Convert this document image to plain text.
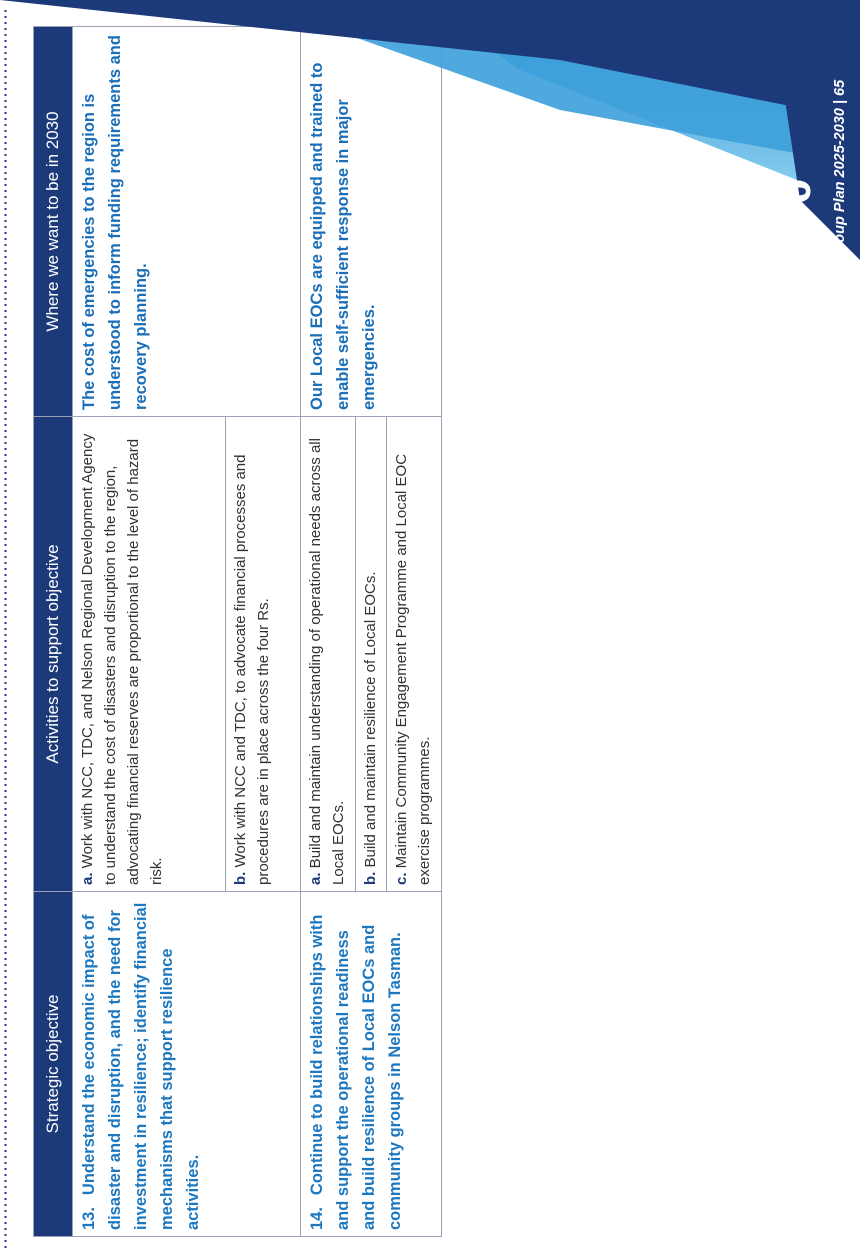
Strategic objective	Activities to support objective	Where we want to be in 2030
13.Understand the economic impact of disaster and disruption, and the need for investment in resilience; identify financial mechanisms that support resilience activities.	a. Work with NCC, TDC, and Nelson Regional Development Agency to understand the cost of disasters and disruption to the region, advocating financial reserves are proportional to the level of hazard risk.	The cost of emergencies to the region is understood to inform funding requirements and recovery planning.
	b. Work with NCC and TDC, to advocate financial processes and procedures are in place across the four Rs.	
14.Continue to build relationships with and support the operational readiness and build resilience of Local EOCs and community groups in Nelson Tasman.	a. Build and maintain understanding of operational needs across all Local EOCs.	Our Local EOCs are equipped and trained to enable self-sufficient response in major emergencies.
	b. Build and maintain resilience of Local EOCs.	
	c. Maintain Community Engagement Programme and Local EOC exercise programmes.	
DRAFT 7-00 Nelson Tasman CDEM Group Plan 2025-2030 | 65
